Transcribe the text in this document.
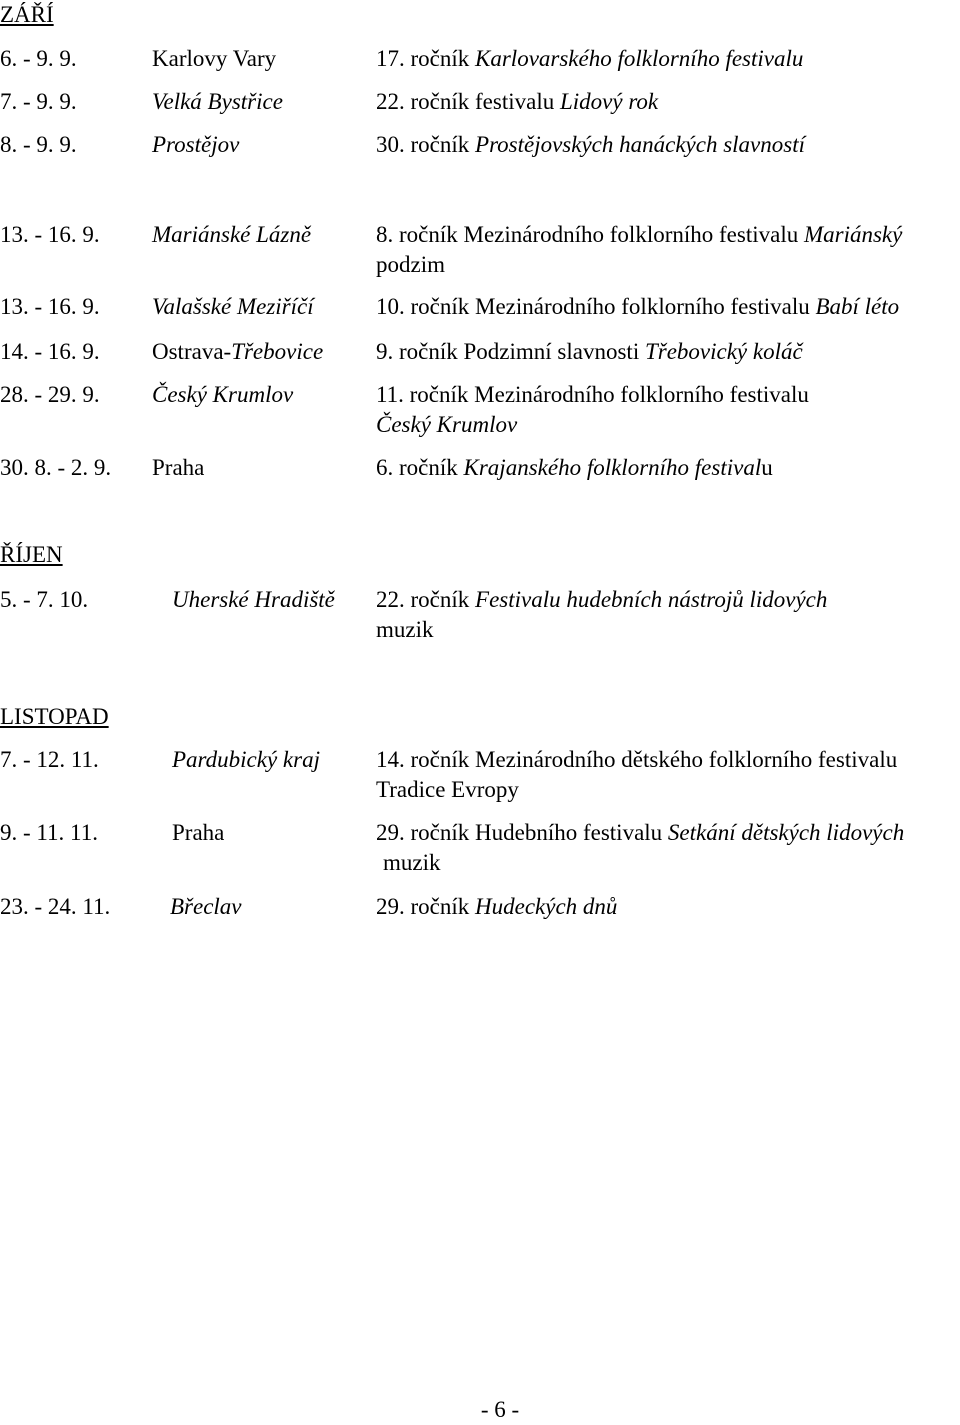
ZÁŘÍ
6. - 9. 9.	Karlovy Vary	17. ročník Karlovarského folklorního festivalu
7. - 9. 9.	Velká Bystřice	22. ročník festivalu Lidový rok
8. - 9. 9.	Prostějov	30. ročník Prostějovských hanáckých slavností
13. - 16. 9. Mariánské Lázně	8. ročník Mezinárodního folklorního festivalu Mariánský
podzim
13. - 16. 9. Valašské Meziříčí	10. ročník Mezinárodního folklorního festivalu Babí léto
14. - 16. 9. Ostrava-Třebovice 9. ročník Podzimní slavnosti Třebovický koláč
28. - 29. 9. Český Krumlov	11. ročník Mezinárodního folklorního festivalu
Český Krumlov
30. 8. - 2. 9. Praha	6. ročník Krajanského folklorního festivalu
ŘÍJEN
5. - 7. 10.	Uherské Hradiště 22. ročník Festivalu hudebních nástrojů lidových
muzik
LISTOPAD
7. - 12. 11.	Pardubický kraj 14. ročník Mezinárodního dětského folklorního festivalu
Tradice Evropy
9. - 11. 11.	Praha	29. ročník Hudebního festivalu Setkání dětských lidových
muzik
23. - 24. 11.	Břeclav	29. ročník Hudeckých dnů
- 6 -
